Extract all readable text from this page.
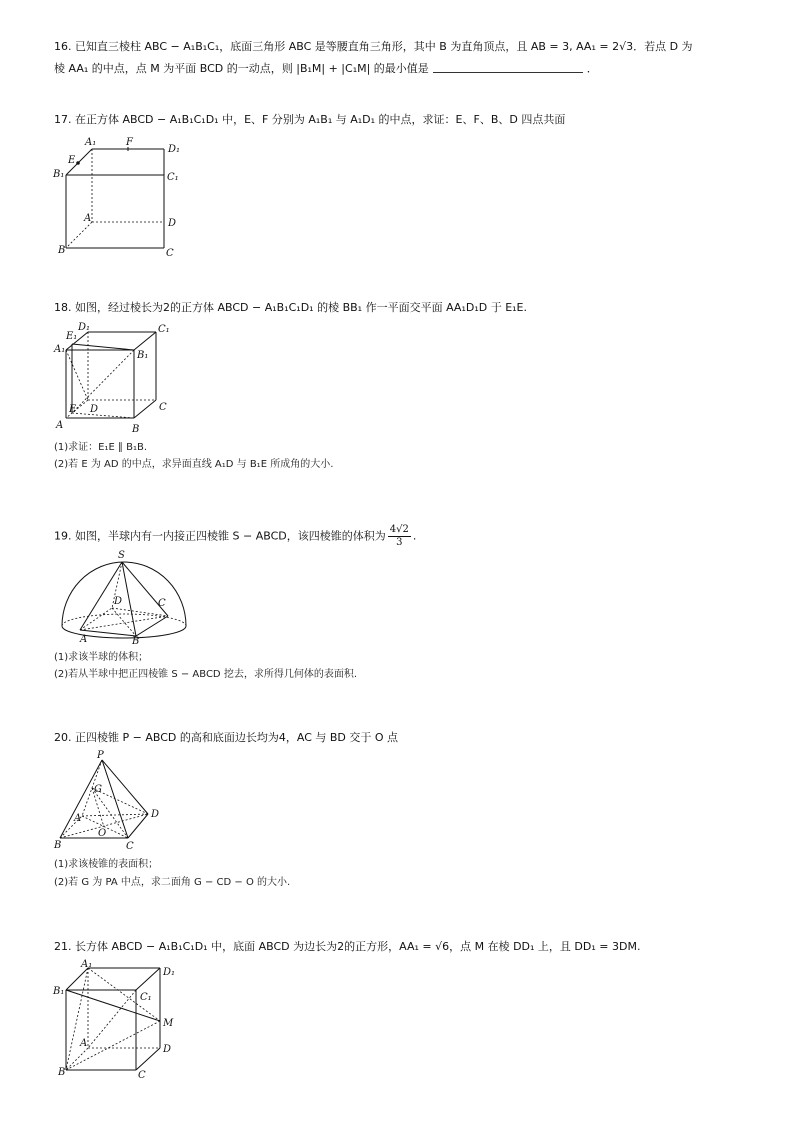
16. 已知直三棱柱 ABC − A₁B₁C₁，底面三角形 ABC 是等腰直角三角形，其中 B 为直角顶点，且 AB = 3, AA₁ = 2√3．若点 D 为
棱 AA₁ 的中点，点 M 为平面 BCD 的一动点，则 |B₁M| + |C₁M| 的最小值是	．
17. 在正方体 ABCD − A₁B₁C₁D₁ 中，E、F 分别为 A₁B₁ 与 A₁D₁ 的中点，求证：E、F、B、D 四点共面
A₁	F
D₁
E
B₁	C₁
A	D
B	C
18. 如图，经过棱长为2的正方体 ABCD − A₁B₁C₁D₁ 的棱 BB₁ 作一平面交平面 AA₁D₁D 于 E₁E.
D₁	C₁
E₁
A₁
B₁
E D	C
A	B
(1)求证：E₁E ∥ B₁B.
(2)若 E 为 AD 的中点，求异面直线 A₁D 与 B₁E 所成角的大小.
19. 如图，半球内有一内接正四棱锥 S − ABCD，该四棱锥的体积为 $\frac{4√2}{3}$ .
S
D	C
A	B
(1)求该半球的体积；
(2)若从半球中把正四棱锥 S − ABCD 挖去，求所得几何体的表面积.
20. 正四棱锥 P − ABCD 的高和底面边长均为4，AC 与 BD 交于 O 点
P
G
A	D
O
B	C
(1)求该棱锥的表面积；
(2)若 G 为 PA 中点，求二面角 G − CD − O 的大小.
21. 长方体 ABCD − A₁B₁C₁D₁ 中，底面 ABCD 为边长为2的正方形，AA₁ = √6，点 M 在棱 DD₁ 上，且 DD₁ = 3DM.
A₁
D₁
B₁
C₁
M
A
D
B	C
